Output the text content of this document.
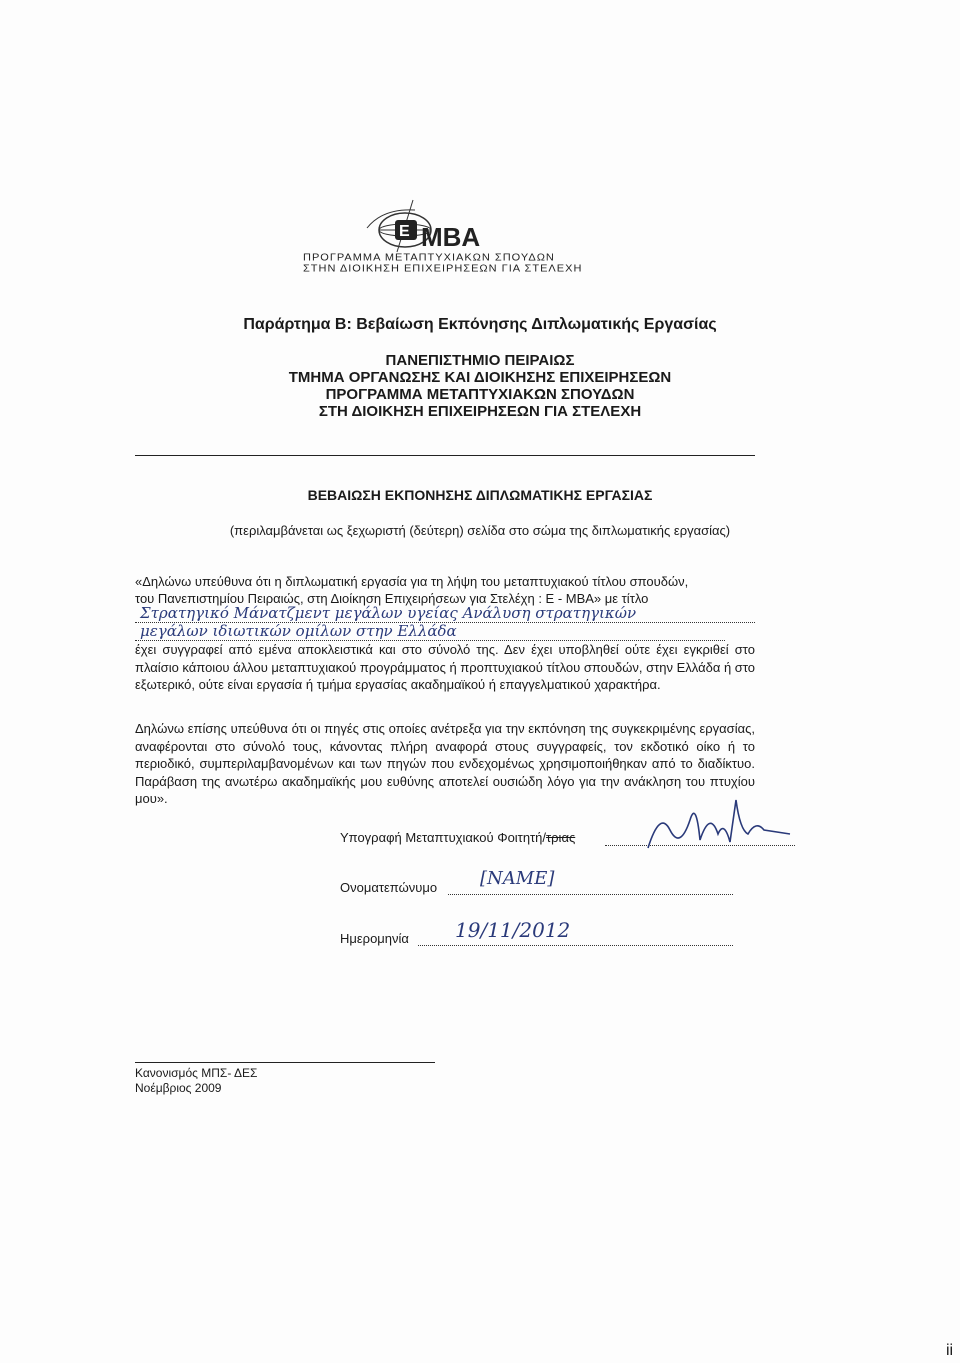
E MBA
ΠΡΟΓΡΑΜΜΑ ΜΕΤΑΠΤΥΧΙΑΚΩΝ ΣΠΟΥΔΩΝ
ΣΤΗΝ ΔΙΟΙΚΗΣΗ ΕΠΙΧΕΙΡΗΣΕΩΝ ΓΙΑ ΣΤΕΛΕΧΗ
Παράρτημα Β: Βεβαίωση Εκπόνησης Διπλωματικής Εργασίας
ΠΑΝΕΠΙΣΤΗΜΙΟ ΠΕΙΡΑΙΩΣ
ΤΜΗΜΑ ΟΡΓΑΝΩΣΗΣ ΚΑΙ ΔΙΟΙΚΗΣΗΣ ΕΠΙΧΕΙΡΗΣΕΩΝ
ΠΡΟΓΡΑΜΜΑ ΜΕΤΑΠΤΥΧΙΑΚΩΝ ΣΠΟΥΔΩΝ
ΣΤΗ ΔΙΟΙΚΗΣΗ ΕΠΙΧΕΙΡΗΣΕΩΝ ΓΙΑ ΣΤΕΛΕΧΗ
ΒΕΒΑΙΩΣΗ ΕΚΠΟΝΗΣΗΣ ΔΙΠΛΩΜΑΤΙΚΗΣ ΕΡΓΑΣΙΑΣ
(περιλαμβάνεται ως ξεχωριστή (δεύτερη) σελίδα στο σώμα της διπλωματικής εργασίας)
«Δηλώνω υπεύθυνα ότι η διπλωματική εργασία για τη λήψη του μεταπτυχιακού τίτλου σπουδών,
του Πανεπιστημίου Πειραιώς, στη Διοίκηση Επιχειρήσεων για Στελέχη : Ε - ΜΒΑ» με τίτλο
Στρατηγικό Μάνατζμεντ μεγάλων υγείας Ανάλυση στρατηγικών
μεγάλων ιδιωτικών ομίλων στην Ελλάδα
έχει συγγραφεί από εμένα αποκλειστικά και στο σύνολό της. Δεν έχει υποβληθεί ούτε έχει εγκριθεί στο πλαίσιο κάποιου άλλου μεταπτυχιακού προγράμματος ή προπτυχιακού τίτλου σπουδών, στην Ελλάδα ή στο εξωτερικό, ούτε είναι εργασία ή τμήμα εργασίας ακαδημαϊκού ή επαγγελματικού χαρακτήρα.
Δηλώνω επίσης υπεύθυνα ότι οι πηγές στις οποίες ανέτρεξα για την εκπόνηση της συγκεκριμένης εργασίας, αναφέρονται στο σύνολό τους, κάνοντας πλήρη αναφορά στους συγγραφείς, τον εκδοτικό οίκο ή το περιοδικό, συμπεριλαμβανομένων και των πηγών που ενδεχομένως χρησιμοποιήθηκαν από το διαδίκτυο. Παράβαση της ανωτέρω ακαδημαϊκής μου ευθύνης αποτελεί ουσιώδη λόγο για την ανάκληση του πτυχίου μου».
Υπογραφή Μεταπτυχιακού Φοιτητή/τριας
Ονοματεπώνυμο [NAME]
Ημερομηνία 19/11/2012
Κανονισμός ΜΠΣ- ΔΕΣ
Νοέμβριος 2009
ii
